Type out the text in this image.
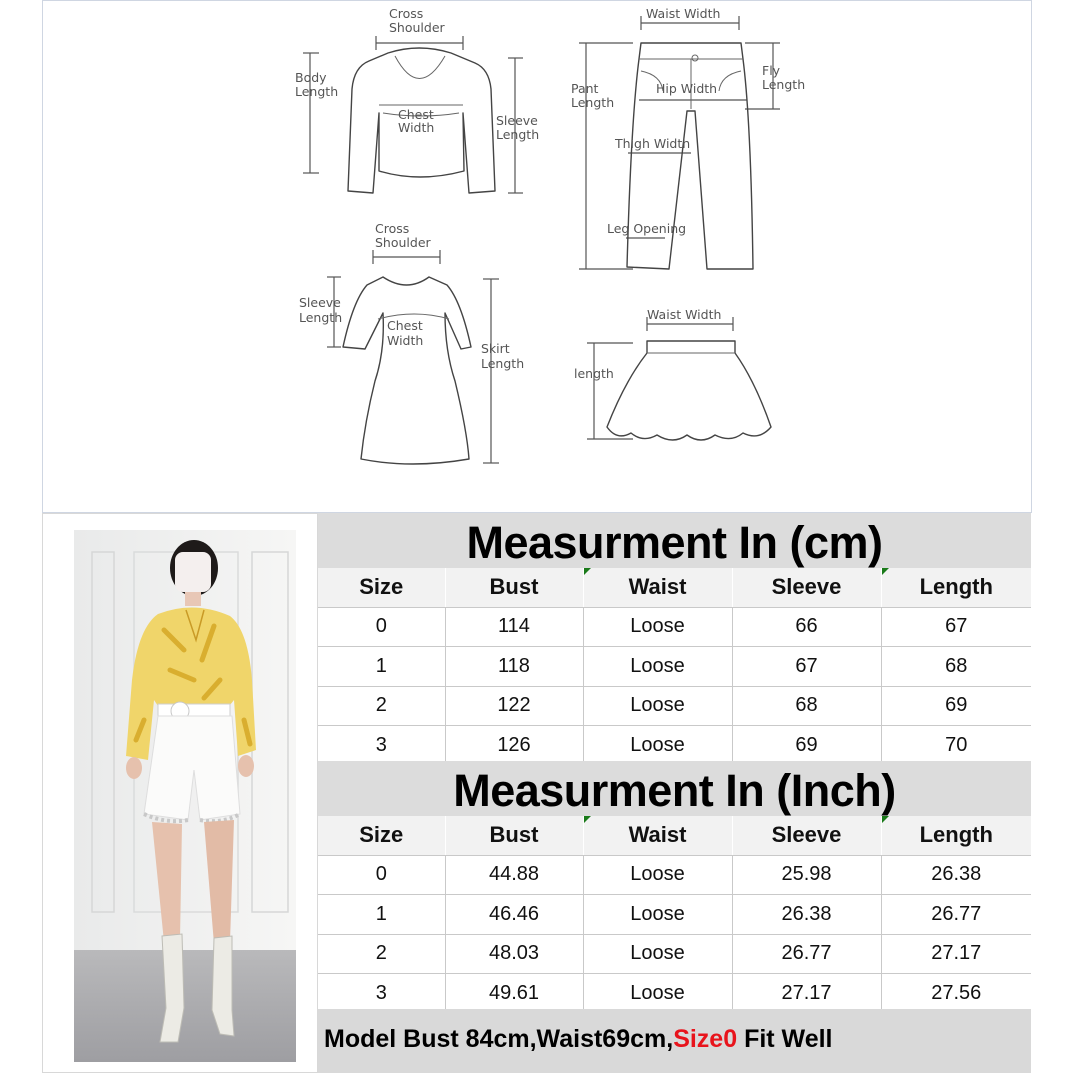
Cross Shoulder
Body Length
Chest Width	Sleeve Length
Cross Shoulder
Sleeve Length
Chest Width
Skirt Length
Waist Width
Pant Length
Hip Width
Fly Length
Thigh Width
Leg Opening
Waist Width
length
Measurment In (cm)
Size	Bust	Waist	Sleeve	Length
0	114	Loose	66	67
1	118	Loose	67	68
2	122	Loose	68	69
3	126	Loose	69	70
Measurment In (Inch)
Size	Bust	Waist	Sleeve	Length
0	44.88	Loose	25.98	26.38
1	46.46	Loose	26.38	26.77
2	48.03	Loose	26.77	27.17
3	49.61	Loose	27.17	27.56
Model Bust 84cm,Waist69cm,Size0 Fit Well
